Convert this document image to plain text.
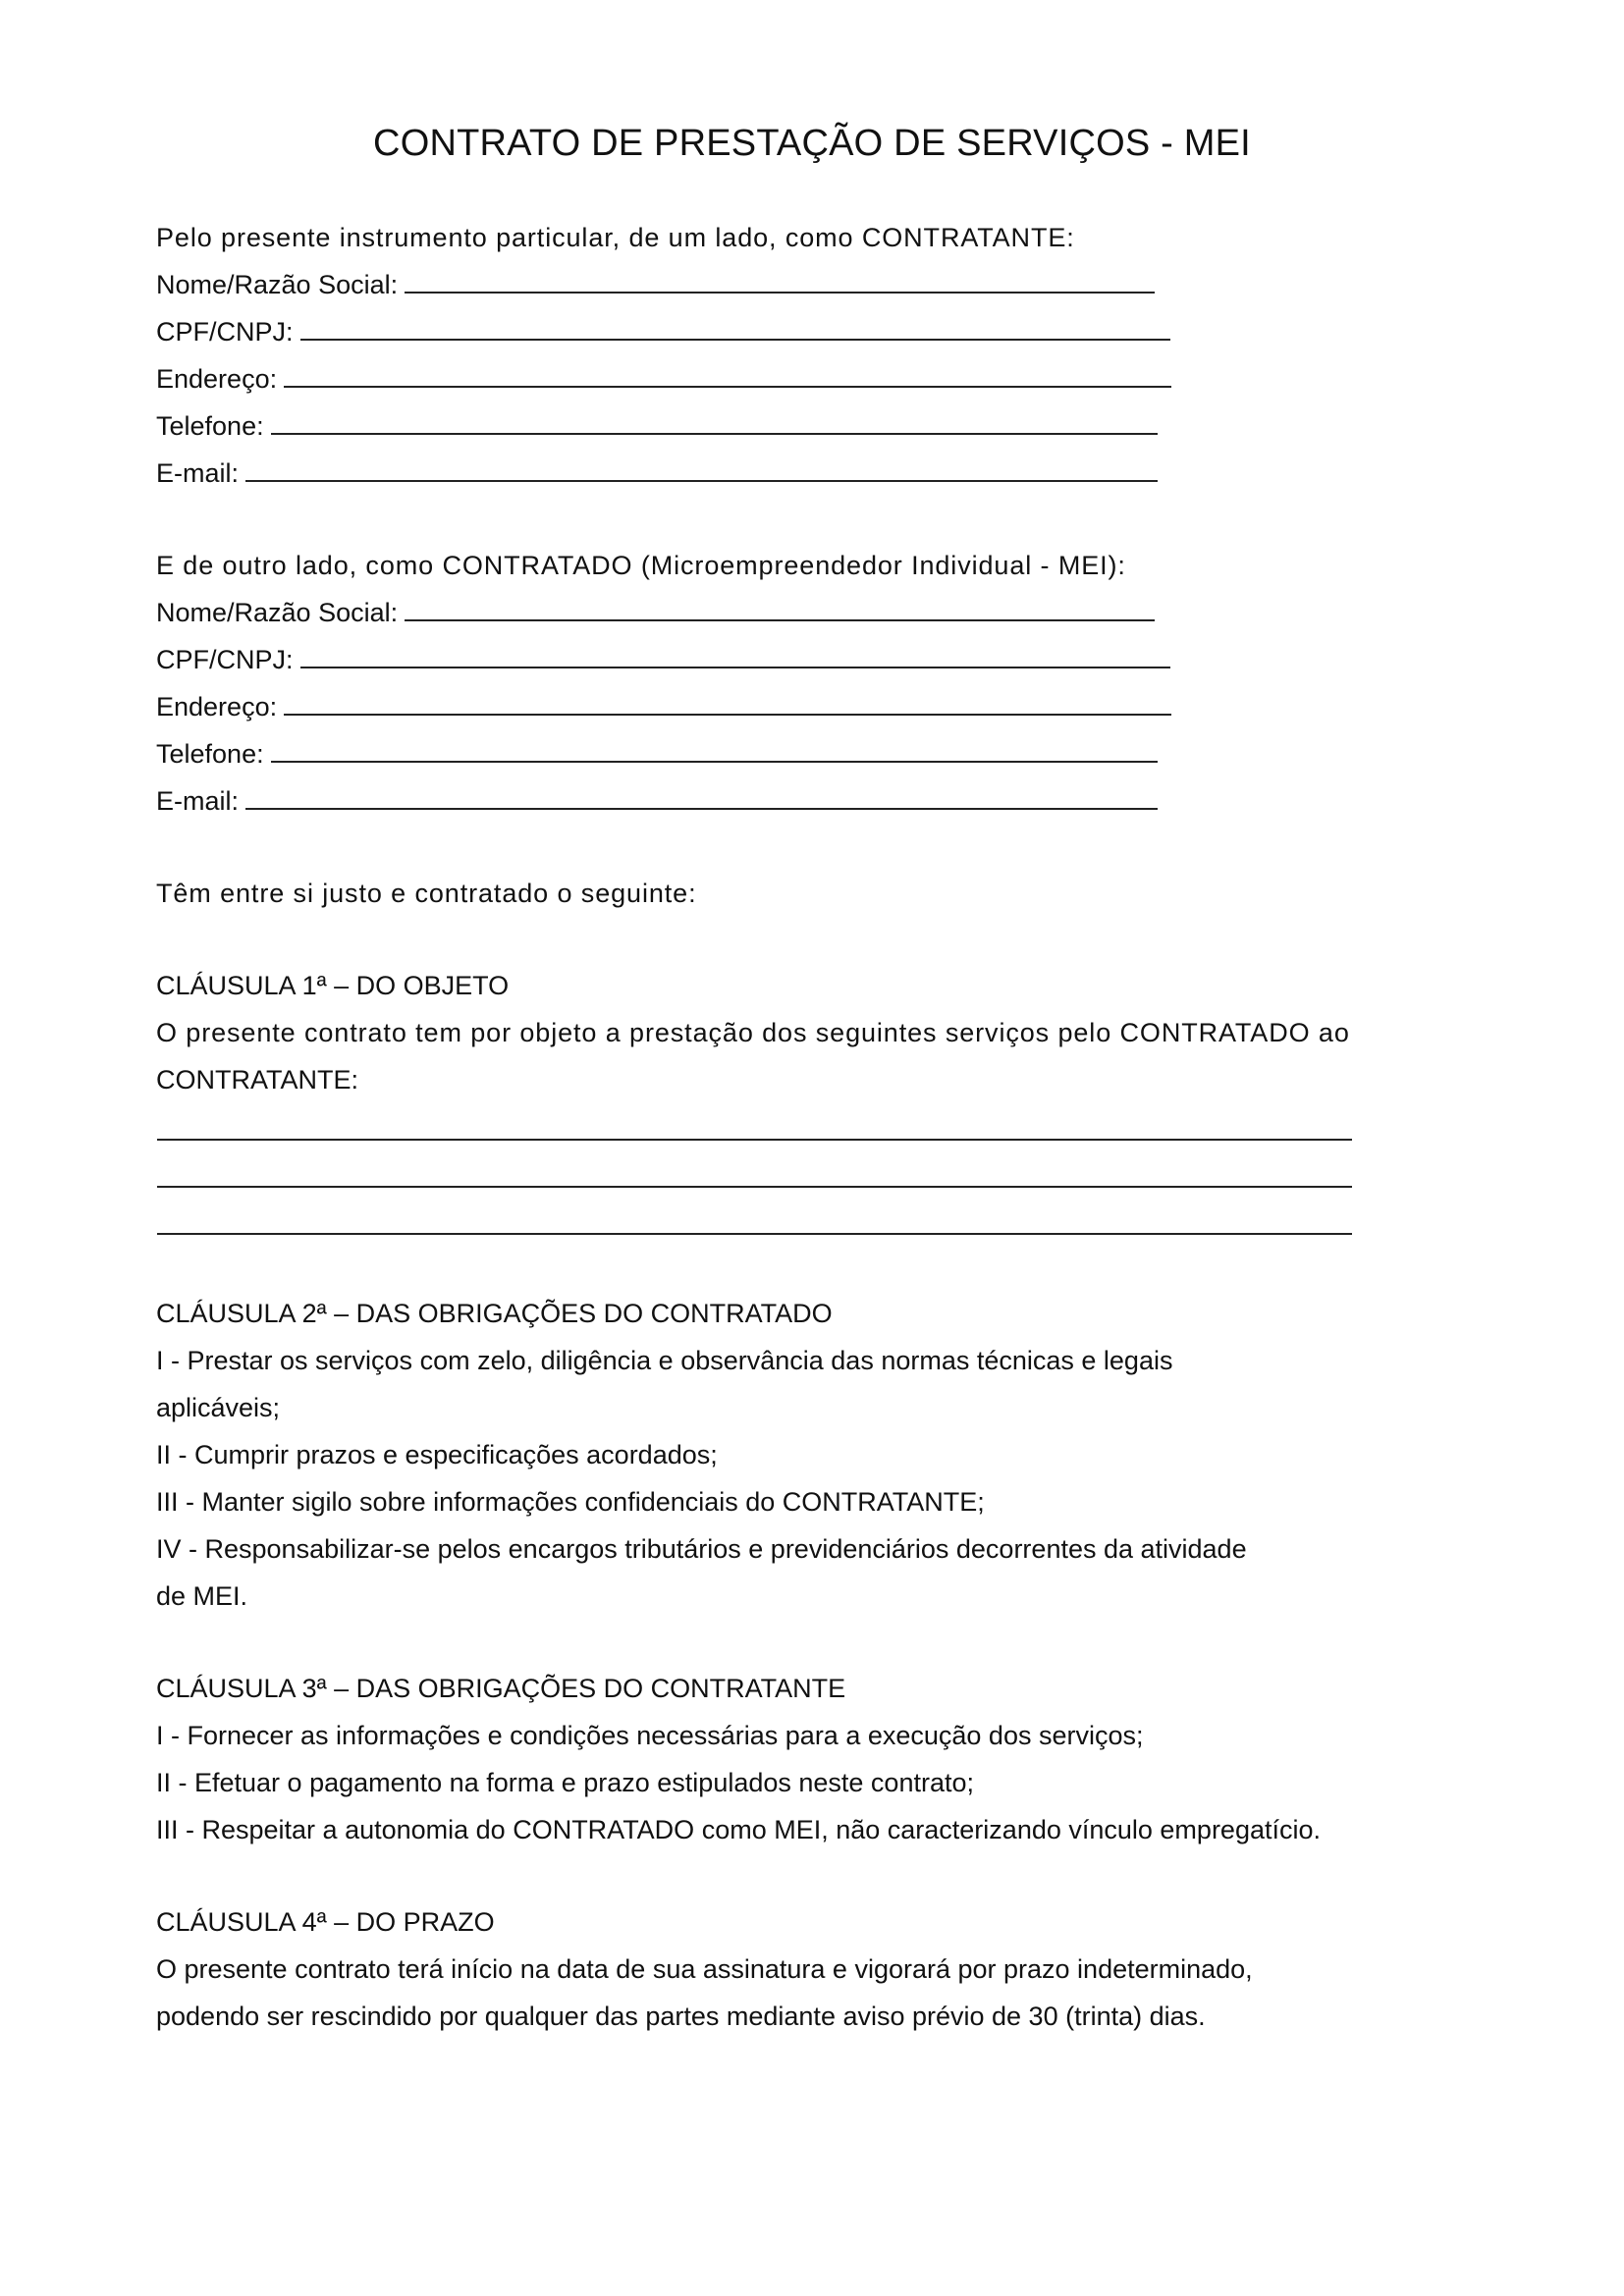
CONTRATO DE PRESTAÇÃO DE SERVIÇOS - MEI

Pelo presente instrumento particular, de um lado, como CONTRATANTE:

Nome/Razão Social:
CPF/CNPJ:
Endereço:
Telefone:
E-mail:

E de outro lado, como CONTRATADO (Microempreendedor Individual - MEI):

Nome/Razão Social:
CPF/CNPJ:
Endereço:
Telefone:
E-mail:

Têm entre si justo e contratado o seguinte:

CLÁUSULA 1ª – DO OBJETO

O presente contrato tem por objeto a prestação dos seguintes serviços pelo CONTRATADO ao

CONTRATANTE:

CLÁUSULA 2ª – DAS OBRIGAÇÕES DO CONTRATADO

I - Prestar os serviços com zelo, diligência e observância das normas técnicas e legais

aplicáveis;

II - Cumprir prazos e especificações acordados;

III - Manter sigilo sobre informações confidenciais do CONTRATANTE;

IV - Responsabilizar-se pelos encargos tributários e previdenciários decorrentes da atividade

de MEI.

CLÁUSULA 3ª – DAS OBRIGAÇÕES DO CONTRATANTE

I - Fornecer as informações e condições necessárias para a execução dos serviços;

II - Efetuar o pagamento na forma e prazo estipulados neste contrato;

III - Respeitar a autonomia do CONTRATADO como MEI, não caracterizando vínculo empregatício.

CLÁUSULA 4ª – DO PRAZO

O presente contrato terá início na data de sua assinatura e vigorará por prazo indeterminado,

podendo ser rescindido por qualquer das partes mediante aviso prévio de 30 (trinta) dias.
